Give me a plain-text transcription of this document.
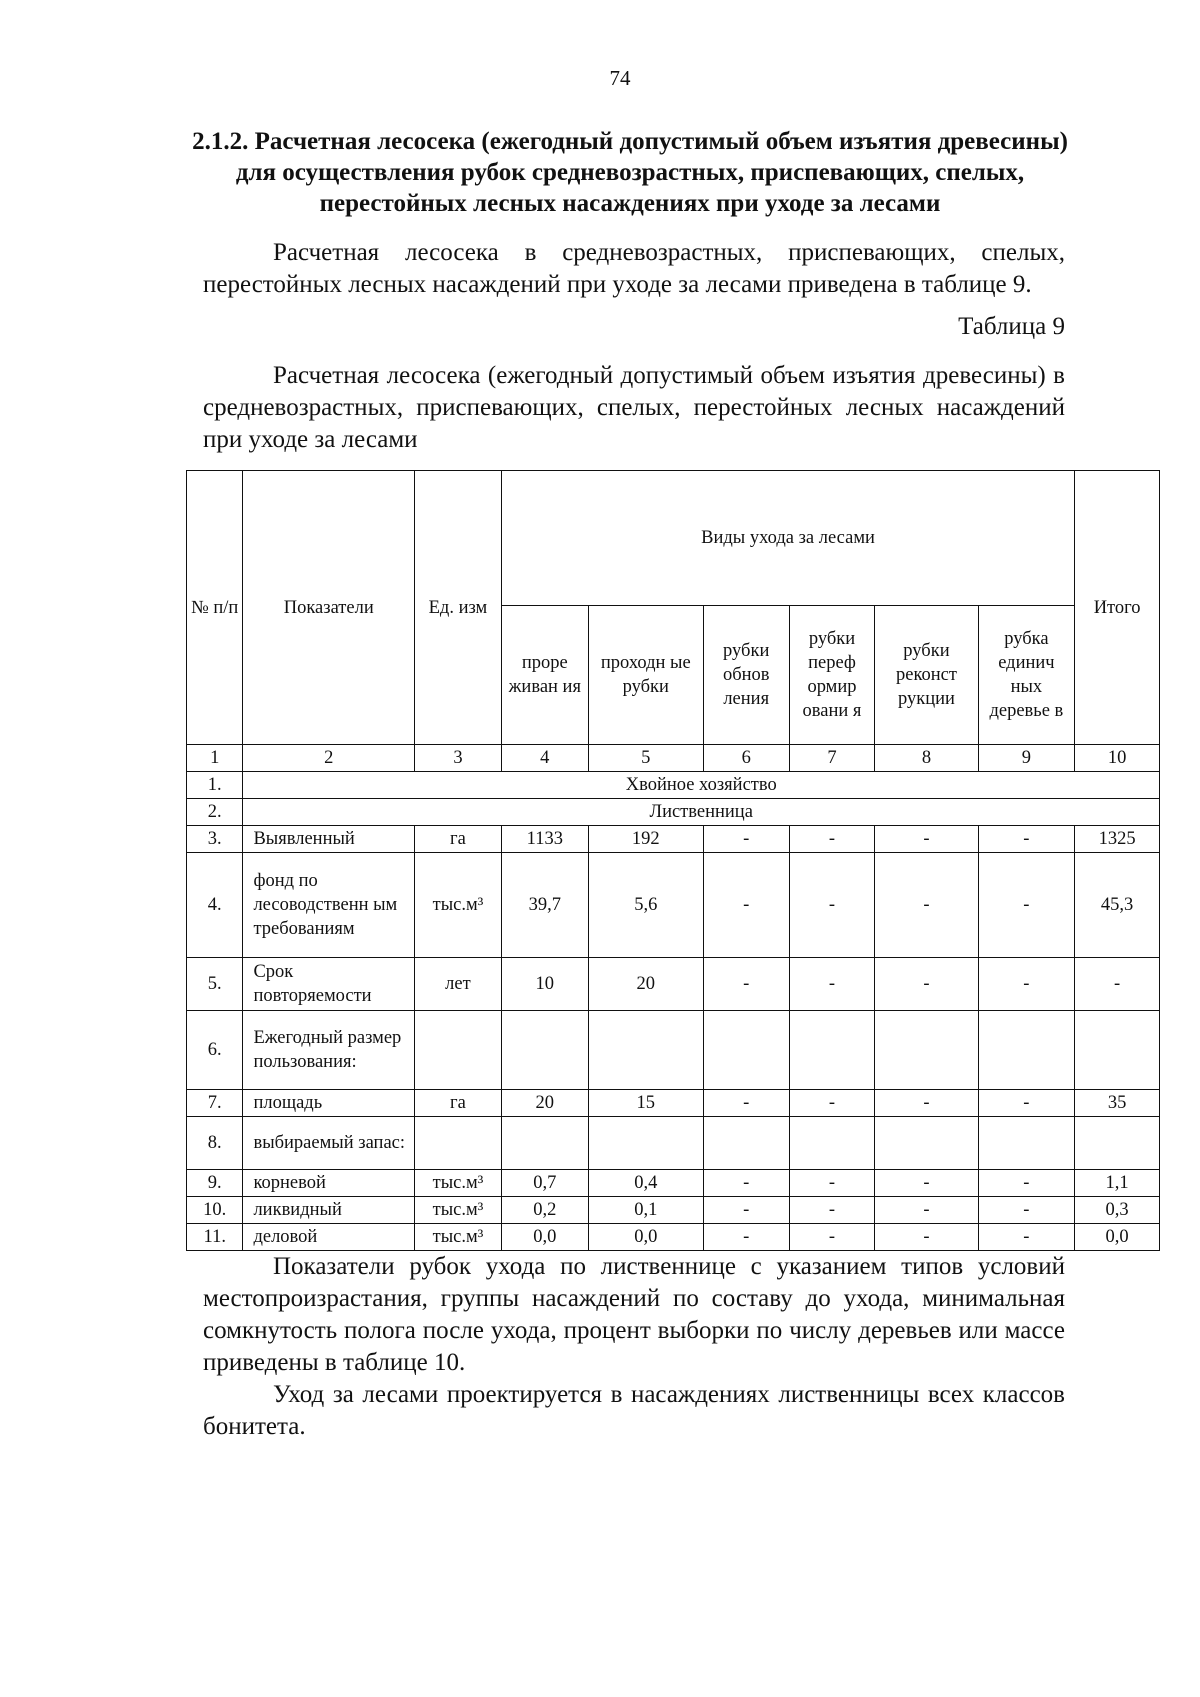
74
2.1.2. Расчетная лесосека (ежегодный допустимый объем изъятия древесины) для осуществления рубок средневозрастных, приспевающих, спелых, перестойных лесных насаждениях при уходе за лесами
Расчетная лесосека в средневозрастных, приспевающих, спелых, перестойных лесных насаждений при уходе за лесами приведена в таблице 9.
Таблица 9
Расчетная лесосека (ежегодный допустимый объем изъятия древесины) в средневозрастных, приспевающих, спелых, перестойных лесных насаждений при уходе за лесами
№ п/п	Показатели	Ед. изм	Виды ухода за лесами						Итого
			проре живан ия	проходн ые рубки	рубки обнов ления	рубки переф ормир овани я	рубки реконст рукции	рубка единич ных деревье в	
1	2	3	4	5	6	7	8	9	10
1.	Хвойное хозяйство								
2.	Лиственница								
3.	Выявленный	га	1133	192	-	-	-	-	1325
4.	фонд по лесоводственн ым требованиям	тыс.м³	39,7	5,6	-	-	-	-	45,3
5.	Срок повторяемости	лет	10	20	-	-	-	-	-
6.	Ежегодный размер пользования:								
7.	площадь	га	20	15	-	-	-	-	35
8.	выбираемый запас:								
9.	корневой	тыс.м³	0,7	0,4	-	-	-	-	1,1
10.	ликвидный	тыс.м³	0,2	0,1	-	-	-	-	0,3
11.	деловой	тыс.м³	0,0	0,0	-	-	-	-	0,0
Показатели рубок ухода по лиственнице с указанием типов условий местопроизрастания, группы насаждений по составу до ухода, минимальная сомкнутость полога после ухода, процент выборки по числу деревьев или массе приведены в таблице 10.
Уход за лесами проектируется в насаждениях лиственницы всех классов бонитета.
